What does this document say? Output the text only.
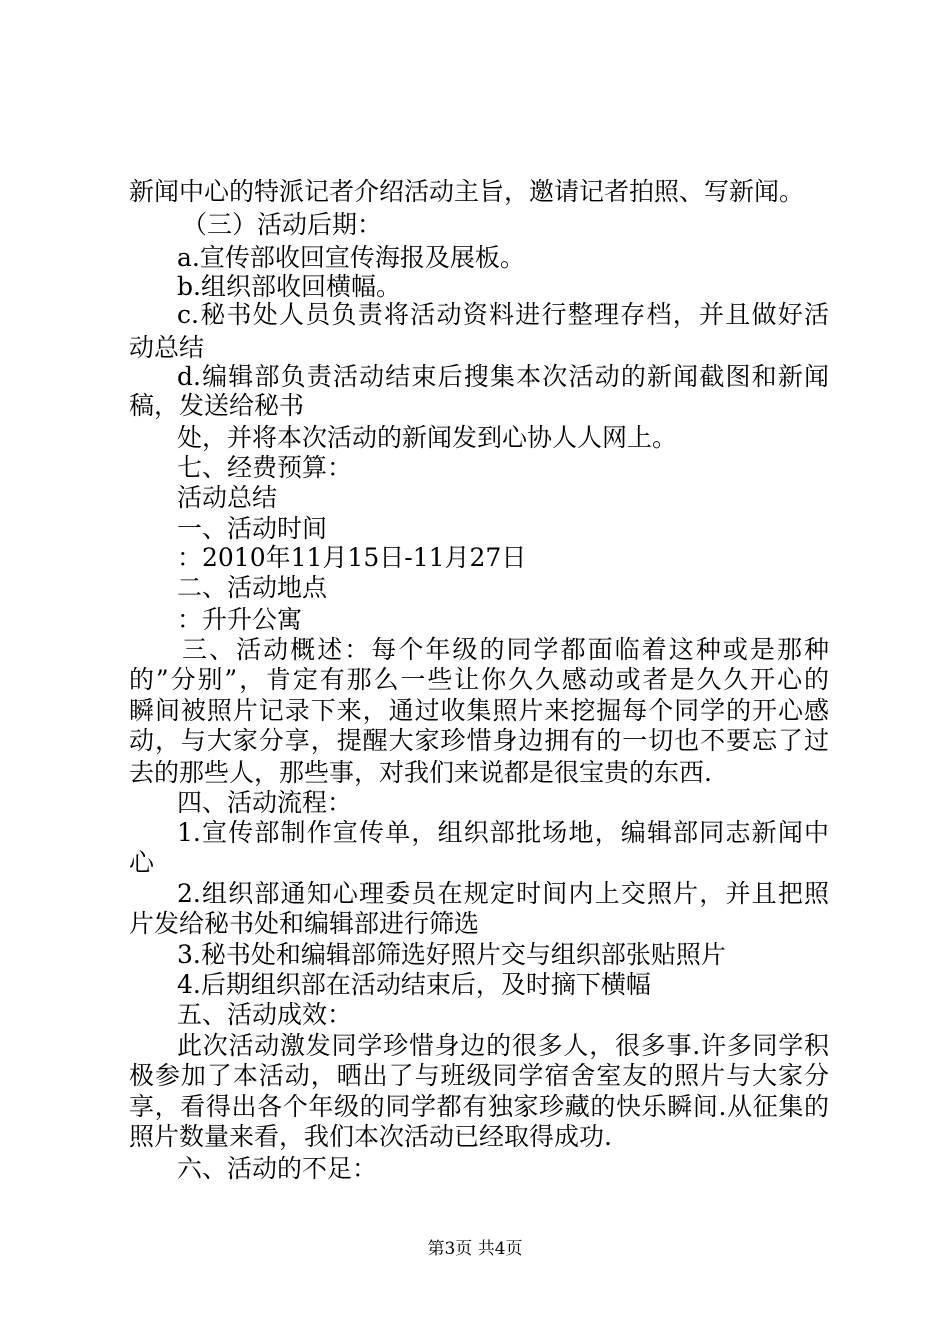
新闻中心的特派记者介绍活动主旨，邀请记者拍照、写新闻。
（三）活动后期：
a.宣传部收回宣传海报及展板。
b.组织部收回横幅。
c.秘书处人员负责将活动资料进行整理存档，并且做好活
动总结
d.编辑部负责活动结束后搜集本次活动的新闻截图和新闻
稿，发送给秘书
处，并将本次活动的新闻发到心协人人网上。
七、经费预算：
活动总结
一、活动时间
：2010年11月15日-11月27日
二、活动地点
：升升公寓
三、活动概述：每个年级的同学都面临着这种或是那种
的”分别”，肯定有那么一些让你久久感动或者是久久开心的
瞬间被照片记录下来，通过收集照片来挖掘每个同学的开心感
动，与大家分享，提醒大家珍惜身边拥有的一切也不要忘了过
去的那些人，那些事，对我们来说都是很宝贵的东西.
四、活动流程：
1.宣传部制作宣传单，组织部批场地，编辑部同志新闻中
心
2.组织部通知心理委员在规定时间内上交照片，并且把照
片发给秘书处和编辑部进行筛选
3.秘书处和编辑部筛选好照片交与组织部张贴照片
4.后期组织部在活动结束后，及时摘下横幅
五、活动成效：
此次活动激发同学珍惜身边的很多人，很多事.许多同学积
极参加了本活动，晒出了与班级同学宿舍室友的照片与大家分
享，看得出各个年级的同学都有独家珍藏的快乐瞬间.从征集的
照片数量来看，我们本次活动已经取得成功.
六、活动的不足：
第3页 共4页
